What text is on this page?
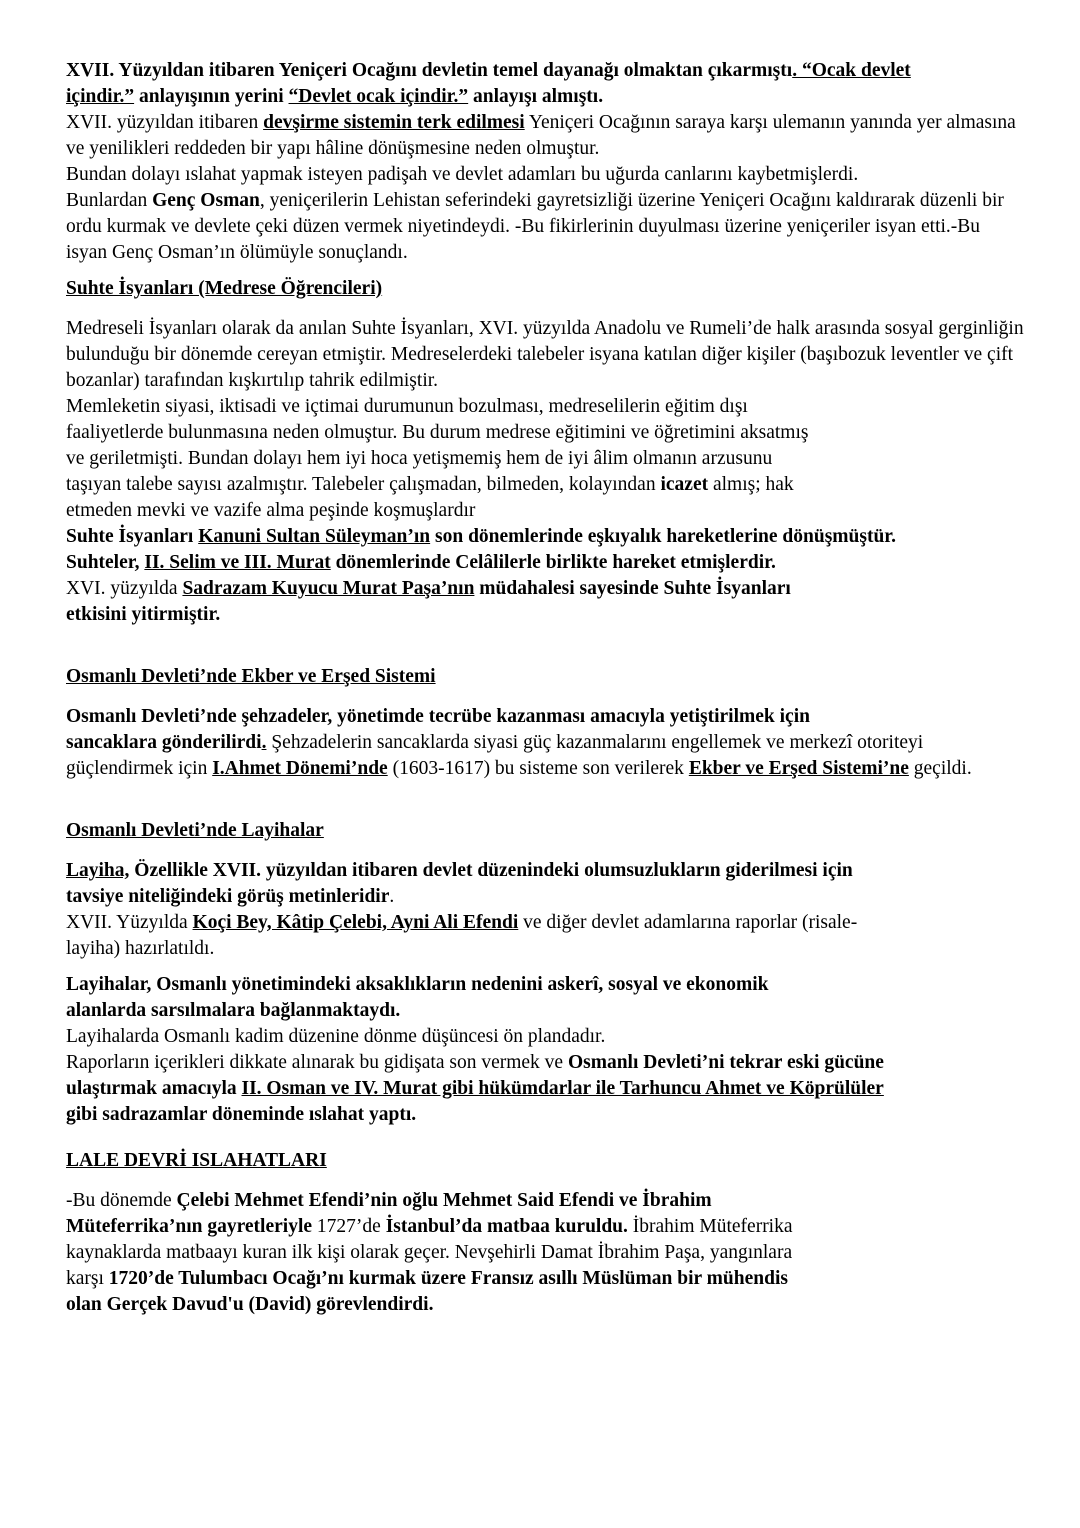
XVII. Yüzyıldan itibaren Yeniçeri Ocağını devletin temel dayanağı olmaktan çıkarmıştı. “Ocak devlet
içindir.” anlayışının yerini “Devlet ocak içindir.” anlayışı almıştı.

XVII. yüzyıldan itibaren devşirme sistemin terk edilmesi Yeniçeri Ocağının saraya karşı ulemanın yanında yer almasına ve yenilikleri reddeden bir yapı hâline dönüşmesine neden olmuştur.

Bundan dolayı ıslahat yapmak isteyen padişah ve devlet adamları bu uğurda canlarını kaybetmişlerdi.

Bunlardan Genç Osman, yeniçerilerin Lehistan seferindeki gayretsizliği üzerine Yeniçeri Ocağını kaldırarak düzenli bir ordu kurmak ve devlete çeki düzen vermek niyetindeydi. -Bu fikirlerinin duyulması üzerine yeniçeriler isyan etti.-Bu isyan Genç Osman’ın ölümüyle sonuçlandı.

Suhte İsyanları (Medrese Öğrencileri)

Medreseli İsyanları olarak da anılan Suhte İsyanları, XVI. yüzyılda Anadolu ve Rumeli’de halk arasında sosyal gerginliğin bulunduğu bir dönemde cereyan etmiştir. Medreselerdeki talebeler isyana katılan diğer kişiler (başıbozuk leventler ve çift bozanlar) tarafından kışkırtılıp tahrik edilmiştir.

Memleketin siyasi, iktisadi ve içtimai durumunun bozulması, medreselilerin eğitim dışı
faaliyetlerde bulunmasına neden olmuştur. Bu durum medrese eğitimini ve öğretimini aksatmış
ve geriletmişti. Bundan dolayı hem iyi hoca yetişmemiş hem de iyi âlim olmanın arzusunu
taşıyan talebe sayısı azalmıştır. Talebeler çalışmadan, bilmeden, kolayından icazet almış; hak
etmeden mevki ve vazife alma peşinde koşmuşlardır

Suhte İsyanları Kanuni Sultan Süleyman’ın son dönemlerinde eşkıyalık hareketlerine dönüşmüştür.

Suhteler, II. Selim ve III. Murat dönemlerinde Celâlilerle birlikte hareket etmişlerdir.

XVI. yüzyılda Sadrazam Kuyucu Murat Paşa’nın müdahalesi sayesinde Suhte İsyanları
etkisini yitirmiştir.

Osmanlı Devleti’nde Ekber ve Erşed Sistemi

Osmanlı Devleti’nde şehzadeler, yönetimde tecrübe kazanması amacıyla yetiştirilmek için
sancaklara gönderilirdi. Şehzadelerin sancaklarda siyasi güç kazanmalarını engellemek ve merkezî otoriteyi güçlendirmek için I.Ahmet Dönemi’nde (1603-1617) bu sisteme son verilerek Ekber ve Erşed Sistemi’ne geçildi.

Osmanlı Devleti’nde Layihalar

Layiha, Özellikle XVII. yüzyıldan itibaren devlet düzenindeki olumsuzlukların giderilmesi için
tavsiye niteliğindeki görüş metinleridir.

XVII. Yüzyılda Koçi Bey, Kâtip Çelebi, Ayni Ali Efendi ve diğer devlet adamlarına raporlar (risale-
layiha) hazırlatıldı.

Layihalar, Osmanlı yönetimindeki aksaklıkların nedenini askerî, sosyal ve ekonomik
alanlarda sarsılmalara bağlanmaktaydı.

Layihalarda Osmanlı kadim düzenine dönme düşüncesi ön plandadır.

Raporların içerikleri dikkate alınarak bu gidişata son vermek ve Osmanlı Devleti’ni tekrar eski gücüne
ulaştırmak amacıyla II. Osman ve IV. Murat gibi hükümdarlar ile Tarhuncu Ahmet ve Köprülüler
gibi sadrazamlar döneminde ıslahat yaptı.

LALE DEVRİ ISLAHATLARI

-Bu dönemde Çelebi Mehmet Efendi’nin oğlu Mehmet Said Efendi ve İbrahim
Müteferrika’nın gayretleriyle 1727’de İstanbul’da matbaa kuruldu. İbrahim Müteferrika
kaynaklarda matbaayı kuran ilk kişi olarak geçer. Nevşehirli Damat İbrahim Paşa, yangınlara
karşı 1720’de Tulumbacı Ocağı’nı kurmak üzere Fransız asıllı Müslüman bir mühendis
olan Gerçek Davud'u (David) görevlendirdi.
